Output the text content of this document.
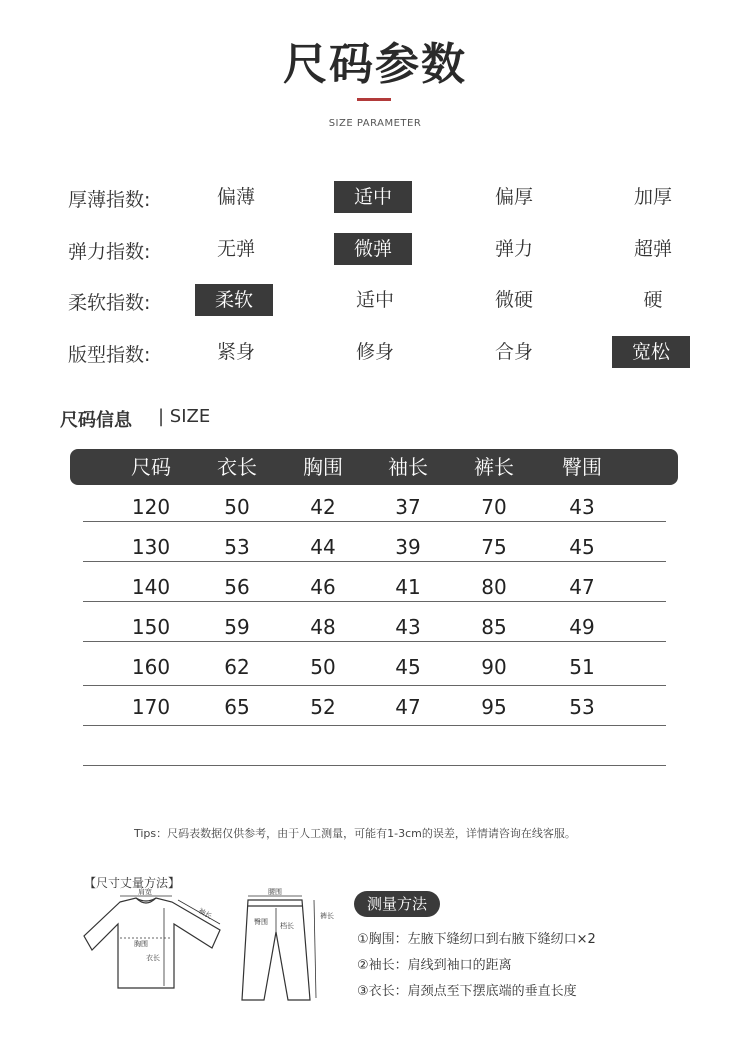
尺码参数
SIZE PARAMETER
厚薄指数:	偏薄	适中	偏厚	加厚
弹力指数:	无弹	微弹	弹力	超弹
柔软指数:	柔软	适中	微硬	硬
版型指数:	紧身	修身	合身	宽松
尺码信息 | SIZE
尺码	衣长	胸围	袖长	裤长	臀围
120	50	42	37	70	43
130	53	44	39	75	45
140	56	46	41	80	47
150	59	48	43	85	49
160	62	50	45	90	51
170	65	52	47	95	53
Tips：尺码表数据仅供参考，由于人工测量，可能有1-3cm的误差，详情请咨询在线客服。
【尺寸丈量方法】
肩宽
袖长
胸围
衣长
腰围
臀围 档长
裤长
测量方法
①胸围：左腋下缝纫口到右腋下缝纫口×2
②袖长：肩线到袖口的距离
③衣长：肩颈点至下摆底端的垂直长度
